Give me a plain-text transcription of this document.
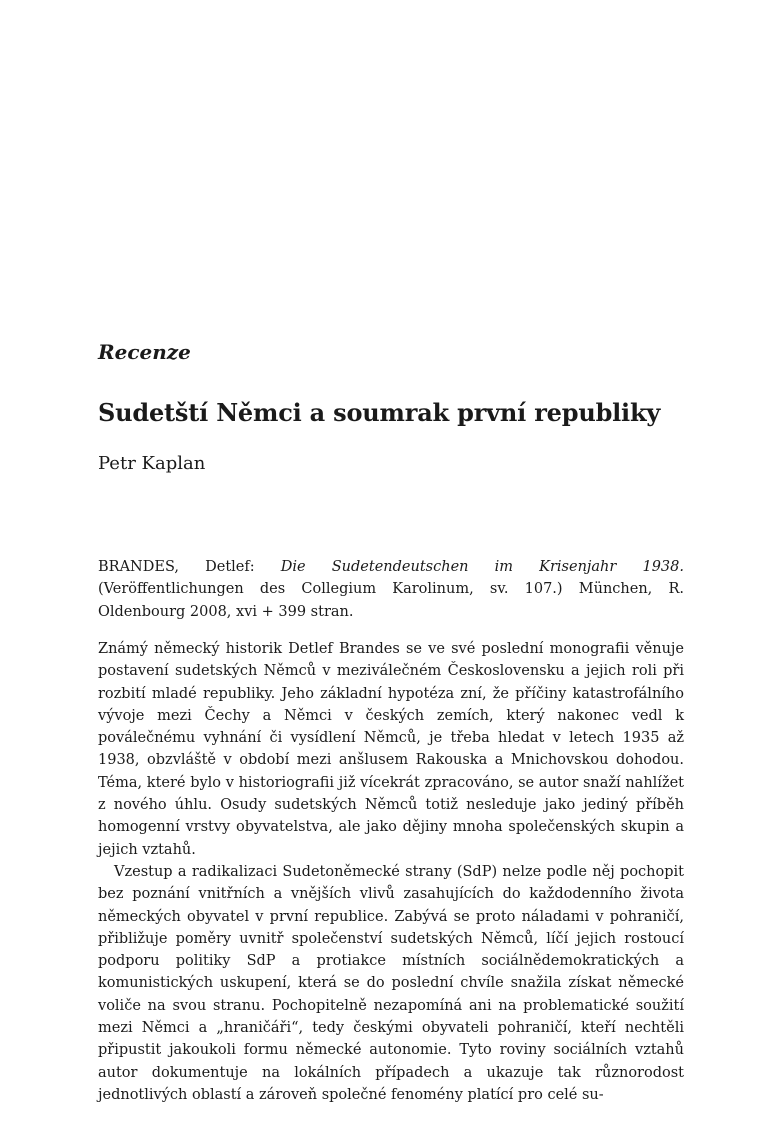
Recenze
Sudetští Němci a soumrak první republiky
Petr Kaplan

BRANDES, Detlef: Die Sudetendeutschen im Krisenjahr 1938. (Veröffentlichungen des Collegium Karolinum, sv. 107.) München, R. Oldenbourg 2008, xvi + 399 stran.

Známý německý historik Detlef Brandes se ve své poslední monografii věnuje postavení sudetských Němců v meziválečném Československu a jejich roli při rozbití mladé republiky. Jeho základní hypotéza zní, že příčiny katastrofálního vývoje mezi Čechy a Němci v českých zemích, který nakonec vedl k poválečnému vyhnání či vysídlení Němců, je třeba hledat v letech 1935 až 1938, obzvláště v období mezi anšlusem Rakouska a Mnichovskou dohodou. Téma, které bylo v historiografii již vícekrát zpracováno, se autor snaží nahlížet z nového úhlu. Osudy sudetských Němců totiž nesleduje jako jediný příběh homogenní vrstvy obyvatelstva, ale jako dějiny mnoha společenských skupin a jejich vztahů.

Vzestup a radikalizaci Sudetoněmecké strany (SdP) nelze podle něj pochopit bez poznání vnitřních a vnějších vlivů zasahujících do každodenního života německých obyvatel v první republice. Zabývá se proto náladami v pohraničí, přibližuje poměry uvnitř společenství sudetských Němců, líčí jejich rostoucí podporu politiky SdP a protiakce místních sociálnědemokratických a komunistických uskupení, která se do poslední chvíle snažila získat německé voliče na svou stranu. Pochopitelně nezapomíná ani na problematické soužití mezi Němci a „hraničáři“, tedy českými obyvateli pohraničí, kteří nechtěli připustit jakoukoli formu německé autonomie. Tyto roviny sociálních vztahů autor dokumentuje na lokálních případech a ukazuje tak různorodost jednotlivých oblastí a zároveň společné fenomény platící pro celé su-
